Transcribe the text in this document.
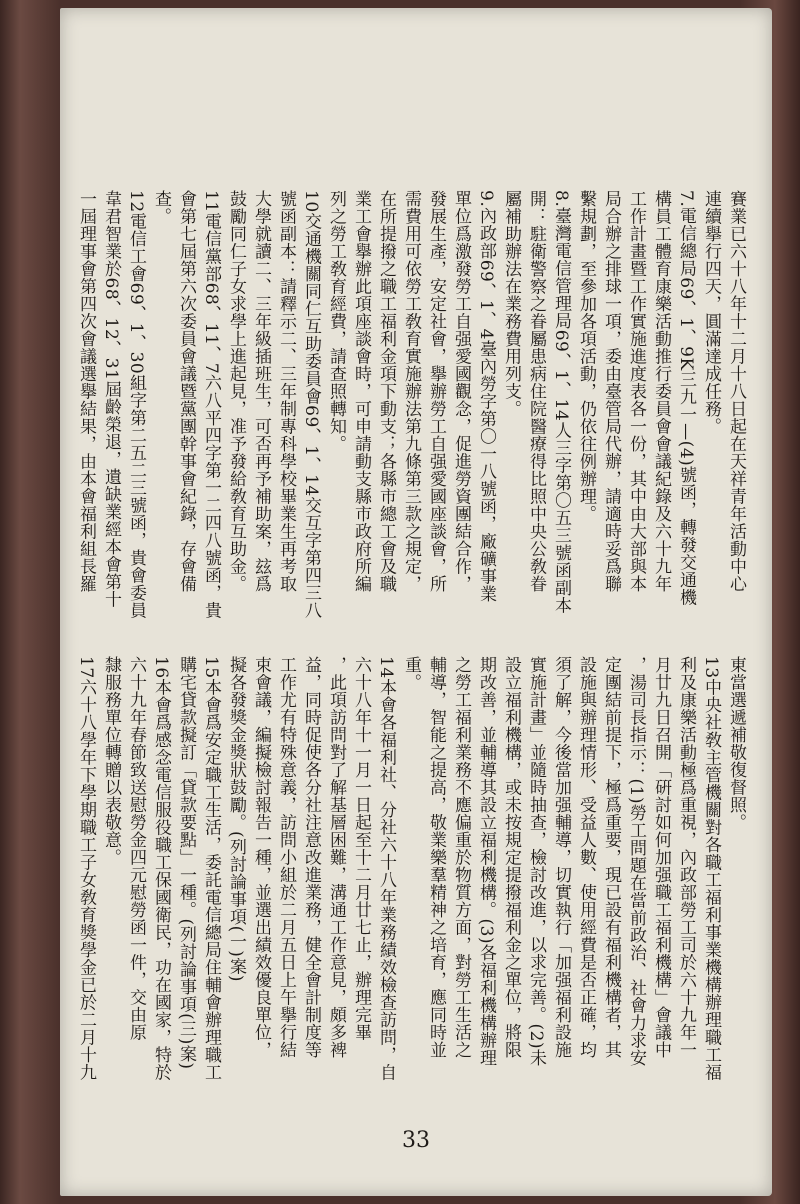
賽業已六十八年十二月十八日起在天祥青年活動中心
連續擧行四天，圓滿達成任務。
7.電信總局69、1、9K三九一—(4)號函，轉發交通機
構員工體育康樂活動推行委員會會議紀錄及六十九年
工作計畫暨工作實施進度表各一份，其中由大部與本
局合辦之排球一項，委由臺管局代辦，請適時妥爲聯
繫規劃，至參加各項活動，仍依往例辦理。
8.臺灣電信管理局69、1、14人三字第〇五三號函副本
開：駐衛警察之眷屬患病住院醫療得比照中央公敎眷
屬補助辦法在業務費用列支。
9.內政部69、1、4臺內勞字第〇一八號函，廠礦事業
單位爲激發勞工自强愛國觀念，促進勞資團結合作，
發展生產，安定社會，擧辦勞工自强愛國座談會，所
需費用可依勞工敎育實施辦法第九條第三款之規定，
在所提撥之職工福利金項下動支；各縣市總工會及職
業工會擧辦此項座談會時，可申請動支縣市政府所編
列之勞工敎育經費，請查照轉知。
10交通機關同仁互助委員會69、1、14交互字第四三八
號函副本：請釋示二、三年制專科學校畢業生再考取
大學就讀二、三年級插班生，可否再予補助案，玆爲
鼓勵同仁子女求學上進起見，准予發給敎育互助金。
11電信黨部68、11、7六八平四字第一二四八號函，貴
會第七屆第六次委員會議暨黨團幹事會紀錄，存會備
查。
12電信工會69、1、30組字第二五二三號函，貴會委員
韋君智業於68、12、31屆齡榮退，遺缺業經本會第十
一屆理事會第四次會議選擧結果，由本會福利組長羅
東當選遞補敬復督照。
13中央社敎主管機關對各職工福利事業機構辦理職工福
利及康樂活動極爲重視，內政部勞工司於六十九年一
月廿九日召開「硏討如何加强職工福利機構」會議中
，湯司長指示：(1)勞工問題在當前政治、社會力求安
定團結前提下，極爲重要，現已設有福利機構者，其
設施與辦理情形、受益人數、使用經費是否正確，均
須了解，今後當加强輔導，切實執行「加强福利設施
實施計畫」並隨時抽查，檢討改進，以求完善。(2)未
設立福利機構，或未按規定提撥福利金之單位，將限
期改善，並輔導其設立福利機構。(3)各福利機構辦理
之勞工福利業務不應偏重於物質方面，對勞工生活之
輔導，智能之提高，敬業樂羣精神之培育，應同時並
重。
14本會各福利社、分社六十八年業務績效檢查訪問，自
六十八年十一月一日起至十二月廿七止，辦理完畢
，此項訪問對了解基層困難，溝通工作意見，頗多裨
益，同時促使各分社注意改進業務，健全會計制度等
工作尤有特殊意義，訪問小組於二月五日上午擧行結
束會議，編擬檢討報告一種，並選出績效優良單位，
擬各發獎金獎狀鼓勵。(列討論事項(一)案)
15本會爲安定職工生活，委託電信總局住輔會辦理職工
購宅貸款擬訂「貸款要點」一種。(列討論事項(三)案)
16本會爲感念電信服役職工保國衛民，功在國家，特於
六十九年春節致送慰勞金四元慰勞函一件，交由原
隸服務單位轉贈以表敬意。
17六十八學年下學期職工子女敎育獎學金已於二月十九
33
